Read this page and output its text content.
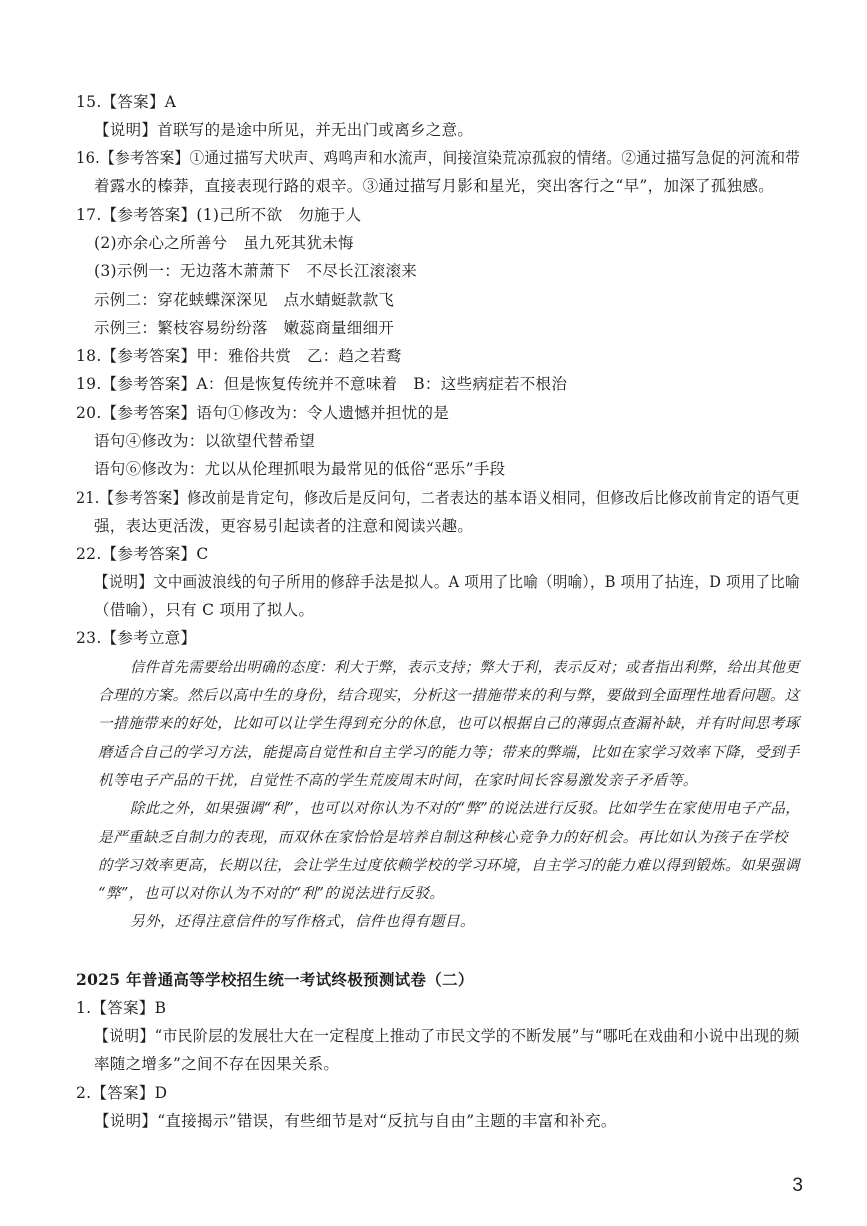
15.【答案】A
【说明】首联写的是途中所见，并无出门或离乡之意。
16.【参考答案】①通过描写犬吠声、鸡鸣声和水流声，间接渲染荒凉孤寂的情绪。②通过描写急促的河流和带
着露水的榛莽，直接表现行路的艰辛。③通过描写月影和星光，突出客行之“早”，加深了孤独感。
17.【参考答案】(1)己所不欲　勿施于人
(2)亦余心之所善兮　虽九死其犹未悔
(3)示例一：无边落木萧萧下　不尽长江滚滚来
示例二：穿花蛱蝶深深见　点水蜻蜓款款飞
示例三：繁枝容易纷纷落　嫩蕊商量细细开
18.【参考答案】甲：雅俗共赏　乙：趋之若鹜
19.【参考答案】A：但是恢复传统并不意味着　B：这些病症若不根治
20.【参考答案】语句①修改为：令人遗憾并担忧的是
语句④修改为：以欲望代替希望
语句⑥修改为：尤以从伦理抓哏为最常见的低俗“恶乐”手段
21.【参考答案】修改前是肯定句，修改后是反问句，二者表达的基本语义相同，但修改后比修改前肯定的语气更
强，表达更活泼，更容易引起读者的注意和阅读兴趣。
22.【参考答案】C
【说明】文中画波浪线的句子所用的修辞手法是拟人。A 项用了比喻（明喻），B 项用了拈连，D 项用了比喻
（借喻），只有 C 项用了拟人。
23.【参考立意】
信件首先需要给出明确的态度：利大于弊，表示支持；弊大于利，表示反对；或者指出利弊，给出其他更
合理的方案。然后以高中生的身份，结合现实，分析这一措施带来的利与弊，要做到全面理性地看问题。这
一措施带来的好处，比如可以让学生得到充分的休息，也可以根据自己的薄弱点查漏补缺，并有时间思考琢
磨适合自己的学习方法，能提高自觉性和自主学习的能力等；带来的弊端，比如在家学习效率下降，受到手
机等电子产品的干扰，自觉性不高的学生荒废周末时间，在家时间长容易激发亲子矛盾等。
除此之外，如果强调“利”，也可以对你认为不对的“弊”的说法进行反驳。比如学生在家使用电子产品，
是严重缺乏自制力的表现，而双休在家恰恰是培养自制这种核心竞争力的好机会。再比如认为孩子在学校
的学习效率更高，长期以往，会让学生过度依赖学校的学习环境，自主学习的能力难以得到锻炼。如果强调
“弊”，也可以对你认为不对的“利”的说法进行反驳。
另外，还得注意信件的写作格式，信件也得有题目。
2025 年普通高等学校招生统一考试终极预测试卷（二）
1.【答案】B
【说明】“市民阶层的发展壮大在一定程度上推动了市民文学的不断发展”与“哪吒在戏曲和小说中出现的频
率随之增多”之间不存在因果关系。
2.【答案】D
【说明】“直接揭示”错误，有些细节是对“反抗与自由”主题的丰富和补充。
3
